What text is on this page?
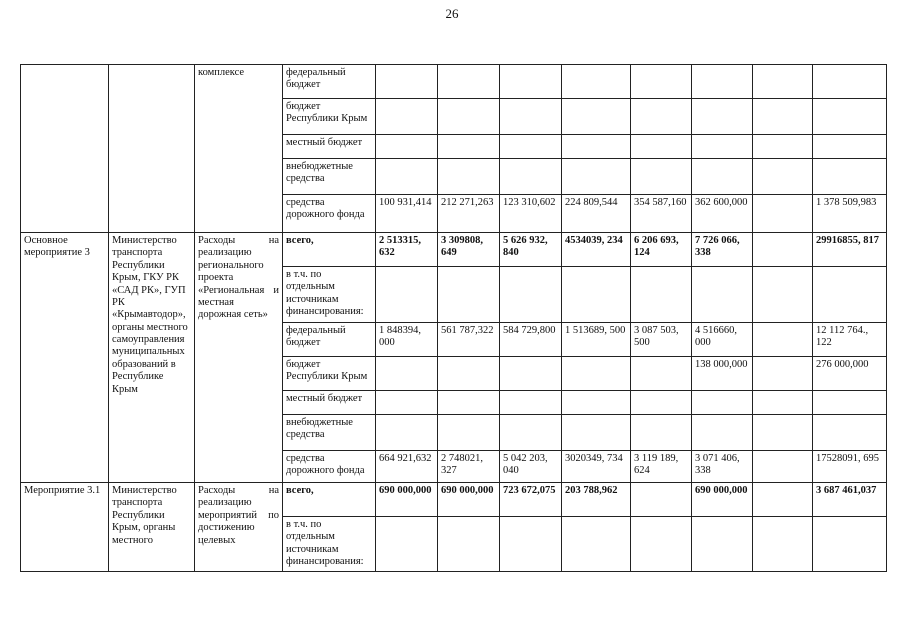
26
		комплексе	федеральный бюджет								
			бюджет Республики Крым								
			местный бюджет								
			внебюджетные средства								
			средства дорожного фонда	100 931,414	212 271,263	123 310,602	224 809,544	354 587,160	362 600,000		1 378 509,983
Основное мероприятие 3	Министерство транспорта Республики Крым, ГКУ РК «САД РК», ГУП РК «Крымавтодор», органы местного самоуправления муниципальных образований в Республике Крым	Расходы на реализацию регионального проекта «Региональная и местная дорожная сеть»	всего,	2 513315, 632	3 309808, 649	5 626 932, 840	4534039, 234	6 206 693, 124	7 726 066, 338		29916855, 817
			в т.ч. по отдельным источникам финансирования:								
			федеральный бюджет	1 848394, 000	561 787,322	584 729,800	1 513689, 500	3 087 503, 500	4 516660, 000		12 112 764., 122
			бюджет Республики Крым						138 000,000		276 000,000
			местный бюджет								
			внебюджетные средства								
			средства дорожного фонда	664 921,632	2 748021, 327	5 042 203, 040	3020349, 734	3 119 189, 624	3 071 406, 338		17528091, 695
Мероприятие 3.1	Министерство транспорта Республики Крым, органы местного	Расходы на реализацию мероприятий по достижению целевых	всего,	690 000,000	690 000,000	723 672,075	203 788,962		690 000,000		3 687 461,037
			в т.ч. по отдельным источникам финансирования:								
